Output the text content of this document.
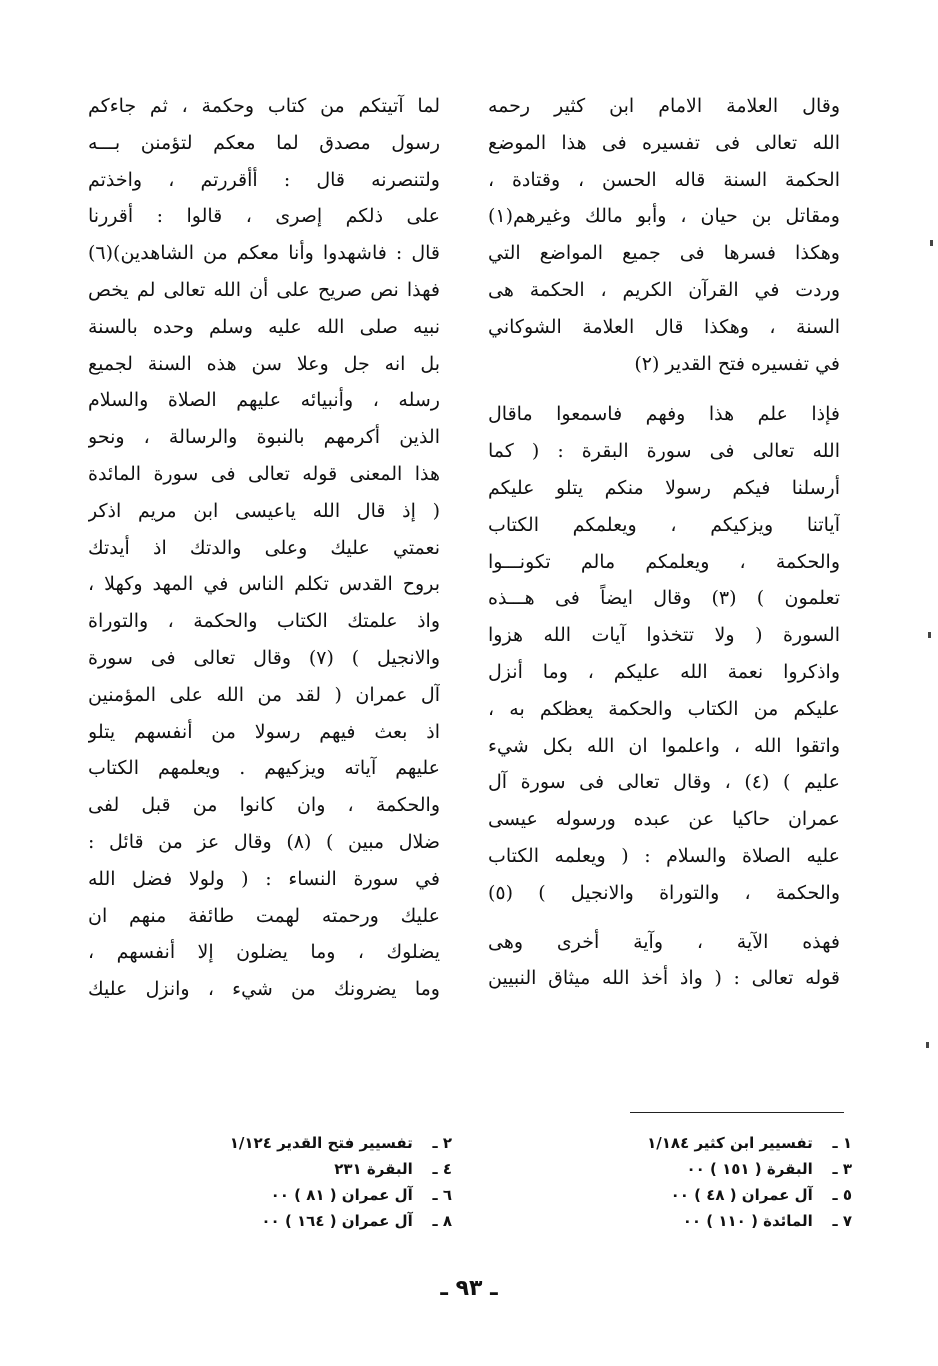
وقال العلامة الامام ابن كثير رحمه
الله تعالى فى تفسيره فى هذا الموضع
الحكمة السنة قاله الحسن ، وقتادة ،
ومقاتل بن حيان ، وأبو مالك وغيرهم(١)
وهكذا فسرها فى جميع المواضع التي
وردت في القرآن الكريم ، الحكمة هى
السنة ، وهكذا قال العلامة الشوكاني
في تفسيره فتح القدير (٢)
فإذا علم هذا وفهم فاسمعوا ماقال
الله تعالى فى سورة البقرة : ( كما
أرسلنا فيكم رسولا منكم يتلو عليكم
آياتنا ويزكيكم ، ويعلمكم الكتاب
والحكمة ، ويعلمكم مالم تكونـــوا
تعلمون ) (٣) وقال ايضاً فى هـــذه
السورة ( ولا تتخذوا آيات الله هزوا
واذكروا نعمة الله عليكم ، وما أنزل
عليكم من الكتاب والحكمة يعظكم به ،
واتقوا الله ، واعلموا ان الله بكل شيء
عليم ) (٤) ، وقال تعالى فى سورة آل
عمران حاكيا عن عبده ورسوله عيسى
عليه الصلاة والسلام : ( ويعلمه الكتاب
والحكمة ، والتوراة والانجيل ) (٥)
فهذه الآية ، وآية أخرى وهى
قوله تعالى : ( واذ أخذ الله ميثاق النبيين
لما آتيتكم من كتاب وحكمة ، ثم جاءكم
رسول مصدق لما معكم لتؤمنن بـــه
ولتنصرنه قال : أأقررتم ، واخذتم
على ذلكم إصرى ، قالوا : أقررنا
قال : فاشهدوا وأنا معكم من الشاهدين)(٦)
فهذا نص صريح على أن الله تعالى لم يخص
نبيه صلى الله عليه وسلم وحده بالسنة
بل انه جل وعلا سن هذه السنة لجميع
رسله ، وأنبيائه عليهم الصلاة والسلام
الذين أكرمهم بالنبوة والرسالة ، ونحو
هذا المعنى قوله تعالى فى سورة المائدة
( إذ قال الله ياعيسى ابن مريم اذكر
نعمتي عليك وعلى والدتك اذ أيدتك
بروح القدس تكلم الناس في المهد وكهلا ،
واذ علمتك الكتاب والحكمة ، والتوراة
والانجيل ) (٧) وقال تعالى فى سورة
آل عمران ( لقد من الله على المؤمنين
اذ بعث فيهم رسولا من أنفسهم يتلو
عليهم آياته ويزكيهم . ويعلمهم الكتاب
والحكمة ، وان كانوا من قبل لفى
ضلال مبين ) (٨) وقال عز من قائل :
في سورة النساء : ( ولولا فضل الله
عليك ورحمته لهمت طائفة منهم ان
يضلوك ، وما يضلون إلا أنفسهم ،
وما يضرونك من شيء ، وانزل عليك
١ ـ تفسيير ابن كثير ١/١٨٤
٣ ـ البقرة ( ١٥١ ) ٠٠
٥ ـ آل عمران ( ٤٨ ) ٠٠
٧ ـ المائدة ( ١١٠ ) ٠٠
٢ ـ تفسيير فتح القدير ١/١٢٤
٤ ـ البقرة ٢٣١
٦ ـ آل عمران ( ٨١ ) ٠٠
٨ ـ آل عمران ( ١٦٤ ) ٠٠
ـ ٩٣ ـ
